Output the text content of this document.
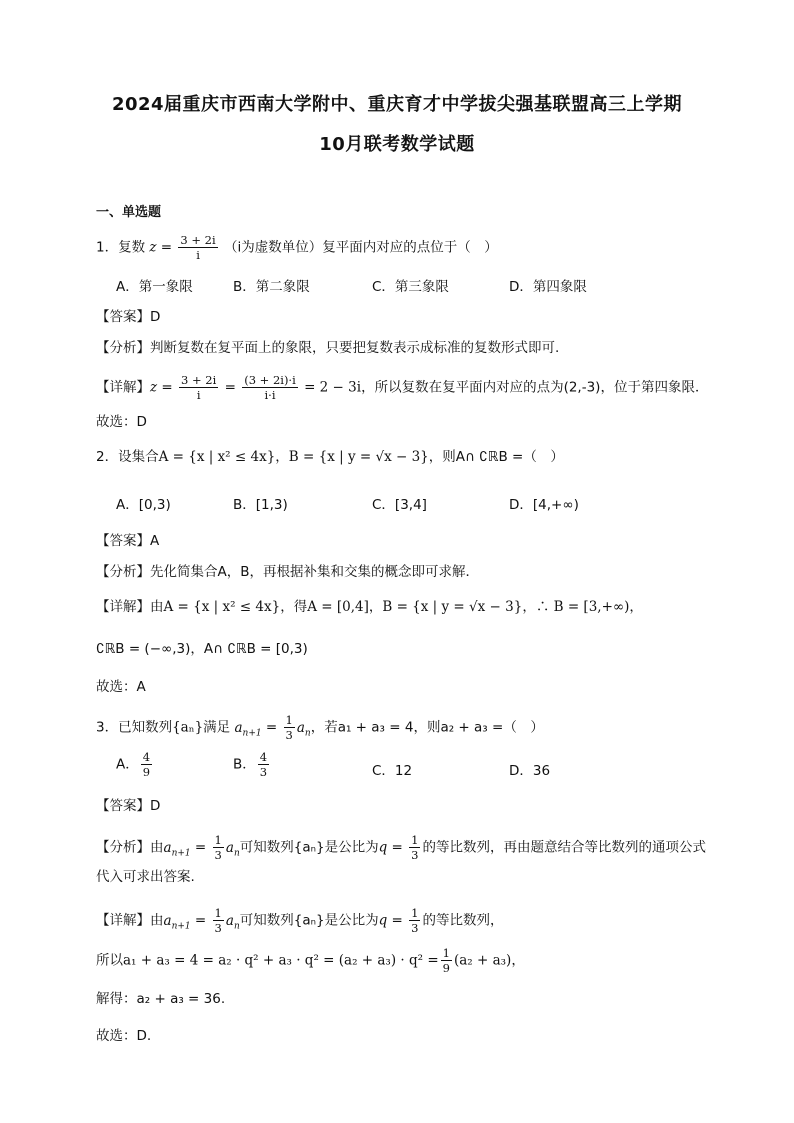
2024届重庆市西南大学附中、重庆育才中学拔尖强基联盟高三上学期
10月联考数学试题
一、单选题
1．复数 $z = \frac{3 + 2i}{i} (i$为虚数单位）复平面内对应的点位于（　）
A．第一象限	B．第二象限	C．第三象限	D．第四象限
【答案】D
【分析】判断复数在复平面上的象限，只要把复数表示成标准的复数形式即可.
【详解】$z = \frac{3 + 2i}{i} = \frac{(3 + 2i)\cdot i}{i\cdot i} = 2 - 3i$，所以复数在复平面内对应的点为(2,-3)，位于第四象限．
故选：D
2．设集合A = {x | x² ≤ 4x}，B = {x | y = √x − 3}，则A∩ ∁ℝB =（　）
A．[0,3)	B．[1,3)	C．[3,4]	D．[4,+∞)
【答案】A
【分析】先化简集合A，B，再根据补集和交集的概念即可求解．
【详解】由A = {x | x² ≤ 4x}，得A = [0,4]，B = {x | y = √x − 3}，∴ B = [3,+∞)，
∁ℝB = (−∞,3)，A∩ ∁ℝB = [0,3)
故选：A
3．已知数列{aₙ}满足 $a_{n+1} = \frac{1}{3} a_n$，若a₁ + a₃ = 4，则a₂ + a₃ =（　）
A． $\frac{4}{9}$	B． $\frac{4}{3}$	C．12	D．36
【答案】D
【分析】由$a_{n+1} = \frac{1}{3} a_n$可知数列{aₙ}是公比为$q = \frac{1}{3}$ 的等比数列，再由题意结合等比数列的通项公式
代入可求出答案.
【详解】由$a_{n+1} = \frac{1}{3} a_n$可知数列{aₙ}是公比为$q = \frac{1}{3}$ 的等比数列，
所以$a_1 + a_3 = 4 = a_2 \cdot q^2 + a_3 \cdot q^2 = (a_2 + a_3) \cdot q^2 = \frac{1}{9} (a_2 + a_3)$，
解得：a₂ + a₃ = 36.
故选：D.
